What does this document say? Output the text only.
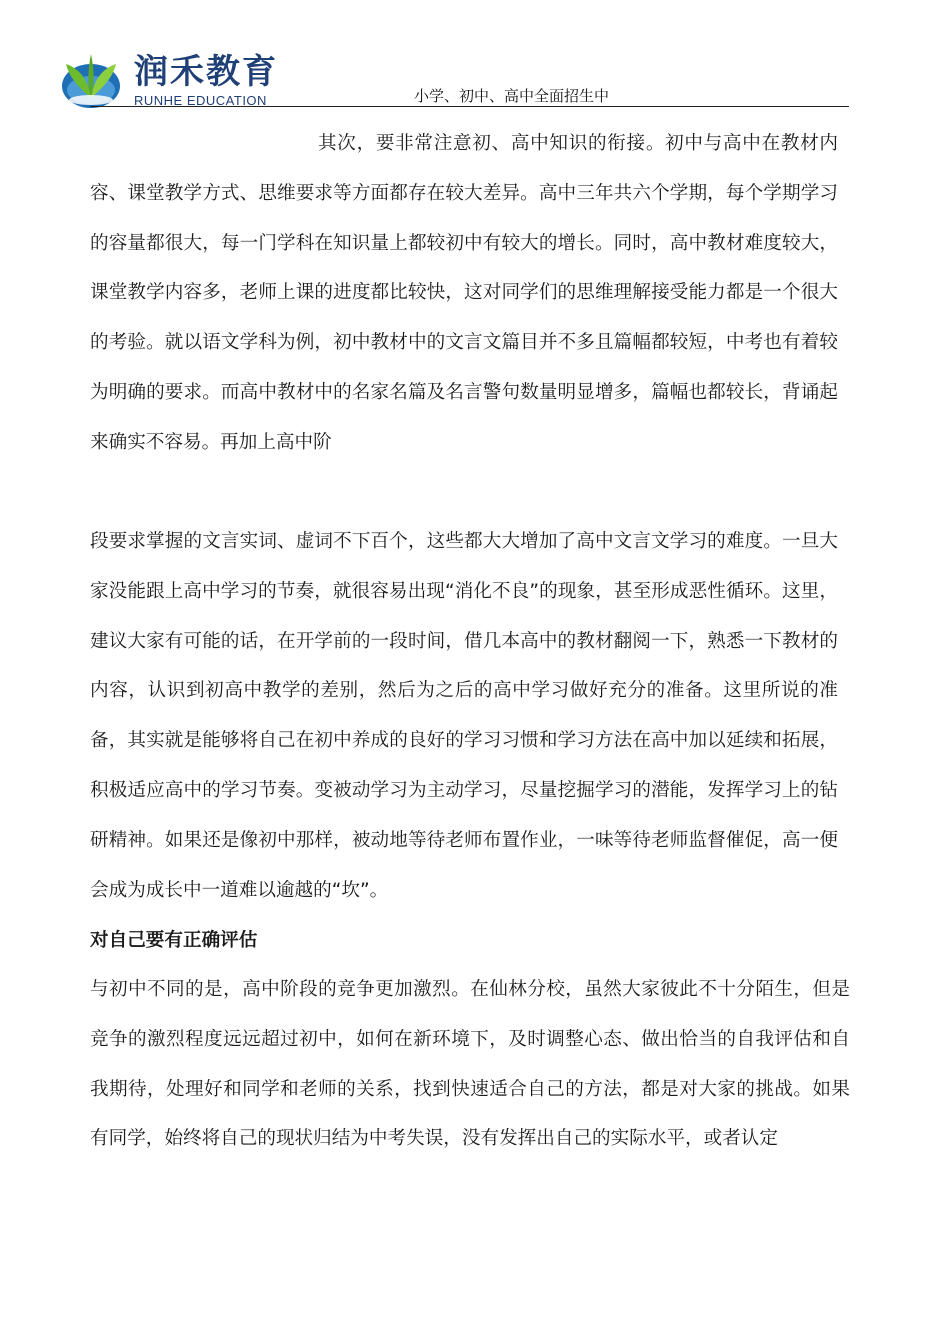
润禾教育
RUNHE EDUCATION	小学、初中、高中全面招生中

其次，要非常注意初、高中知识的衔接。初中与高中在教材内容、课堂教学方式、思维要求等方面都存在较大差异。高中三年共六个学期，每个学期学习的容量都很大，每一门学科在知识量上都较初中有较大的增长。同时，高中教材难度较大，课堂教学内容多，老师上课的进度都比较快，这对同学们的思维理解接受能力都是一个很大的考验。就以语文学科为例，初中教材中的文言文篇目并不多且篇幅都较短，中考也有着较为明确的要求。而高中教材中的名家名篇及名言警句数量明显增多，篇幅也都较长，背诵起来确实不容易。再加上高中阶

段要求掌握的文言实词、虚词不下百个，这些都大大增加了高中文言文学习的难度。一旦大家没能跟上高中学习的节奏，就很容易出现“消化不良”的现象，甚至形成恶性循环。这里，建议大家有可能的话，在开学前的一段时间，借几本高中的教材翻阅一下，熟悉一下教材的内容，认识到初高中教学的差别，然后为之后的高中学习做好充分的准备。这里所说的准备，其实就是能够将自己在初中养成的良好的学习习惯和学习方法在高中加以延续和拓展，积极适应高中的学习节奏。变被动学习为主动学习，尽量挖掘学习的潜能，发挥学习上的钻研精神。如果还是像初中那样，被动地等待老师布置作业，一味等待老师监督催促，高一便会成为成长中一道难以逾越的“坎”。

对自己要有正确评估

与初中不同的是，高中阶段的竞争更加激烈。在仙林分校，虽然大家彼此不十分陌生，但是竞争的激烈程度远远超过初中，如何在新环境下，及时调整心态、做出恰当的自我评估和自我期待，处理好和同学和老师的关系，找到快速适合自己的方法，都是对大家的挑战。如果有同学，始终将自己的现状归结为中考失误，没有发挥出自己的实际水平，或者认定
